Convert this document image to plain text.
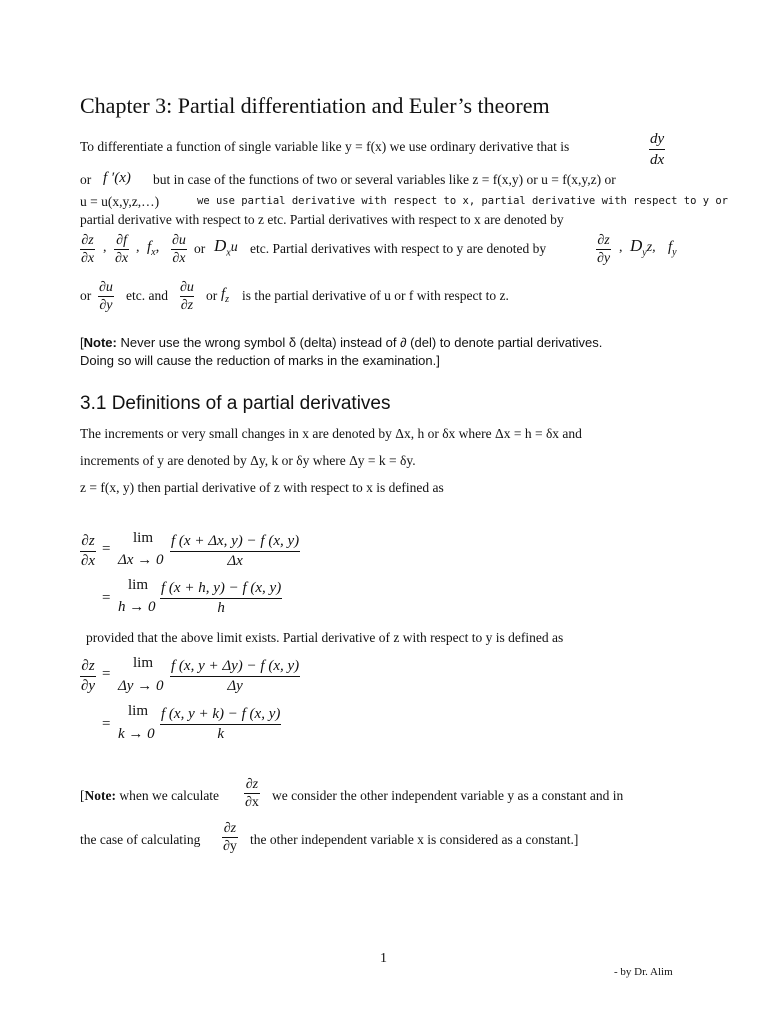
Chapter 3: Partial differentiation and Euler’s theorem
To differentiate a function of single variable like y = f(x) we use ordinary derivative that is	$\frac{dy}{dx}$
or f ′(x) but in case of the functions of two or several variables like z = f(x,y) or u = f(x,y,z) or
u = u(x,y,z,…)	we use partial derivative with respect to x, partial derivative with respect to y or
partial derivative with respect to z etc. Partial derivatives with respect to x are denoted by
$\frac{\partial z}{\partial x}$ , $\frac{\partial f}{\partial x}$ , $f_x$, $\frac{\partial u}{\partial x}$ or $D_xu$ etc. Partial derivatives with respect to y are denoted by	$\frac{\partial z}{\partial y}$ , $D_yz$, $f_y$
or $\frac{\partial u}{\partial y}$ etc. and $\frac{\partial u}{\partial z}$ or $f_z$ is the partial derivative of u or f with respect to z.
[Note: Never use the wrong symbol δ (delta) instead of ∂ (del) to denote partial derivatives.
Doing so will cause the reduction of marks in the examination.]
3.1 Definitions of a partial derivatives
The increments or very small changes in x are denoted by Δx, h or δx where Δx = h = δx and
increments of y are denoted by Δy, k or δy where Δy = k = δy.
z = f(x, y) then partial derivative of z with respect to x is defined as
$\frac{\partial z}{\partial x}$ =
lim
$\Delta x \to 0 \frac{f (x + \Delta x, y) - f (x, y)}{\Delta x}$
=
lim
$h \to 0 \frac{f (x + h, y) - f (x, y)}{h}$
provided that the above limit exists. Partial derivative of z with respect to y is defined as
$\frac{\partial z}{\partial y}$ =
lim
$\Delta y \to 0 \frac{f (x, y + \Delta y) - f (x, y)}{\Delta y}$
=
lim
$k \to 0 \frac{f (x, y + k) - f (x, y)}{k}$
[Note: when we calculate $\frac{\partial z}{\partial x}$ we consider the other independent variable y as a constant and in
the case of calculating $\frac{\partial z}{\partial y}$ the other independent variable x is considered as a constant.]
1
- by Dr. Alim
